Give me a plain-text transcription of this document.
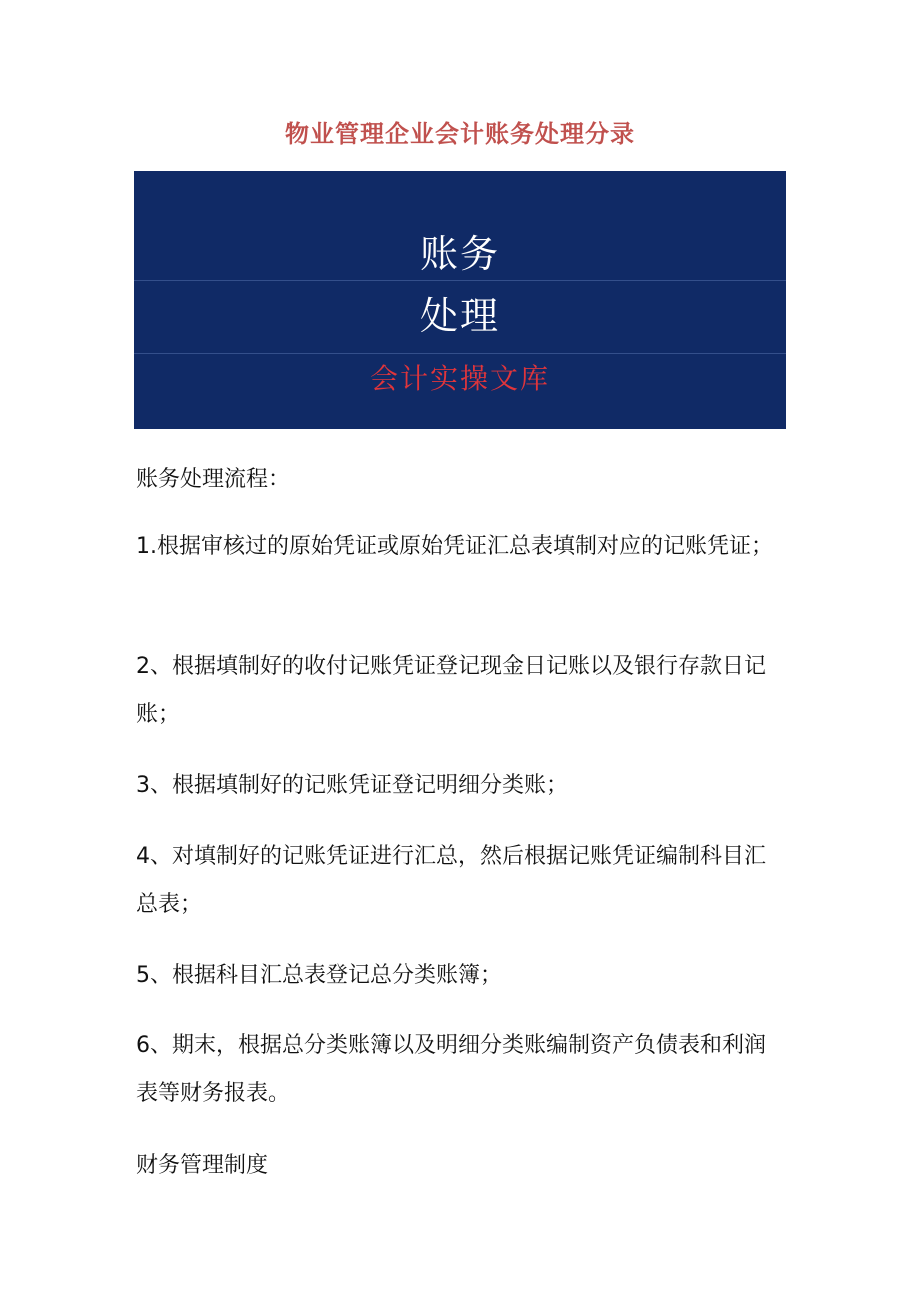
物业管理企业会计账务处理分录
账务
处理
会计实操文库
账务处理流程：
1.根据审核过的原始凭证或原始凭证汇总表填制对应的记账凭证；
2、根据填制好的收付记账凭证登记现金日记账以及银行存款日记账；
3、根据填制好的记账凭证登记明细分类账；
4、对填制好的记账凭证进行汇总，然后根据记账凭证编制科目汇总表；
5、根据科目汇总表登记总分类账簿；
6、期末，根据总分类账簿以及明细分类账编制资产负债表和利润表等财务报表。
财务管理制度
